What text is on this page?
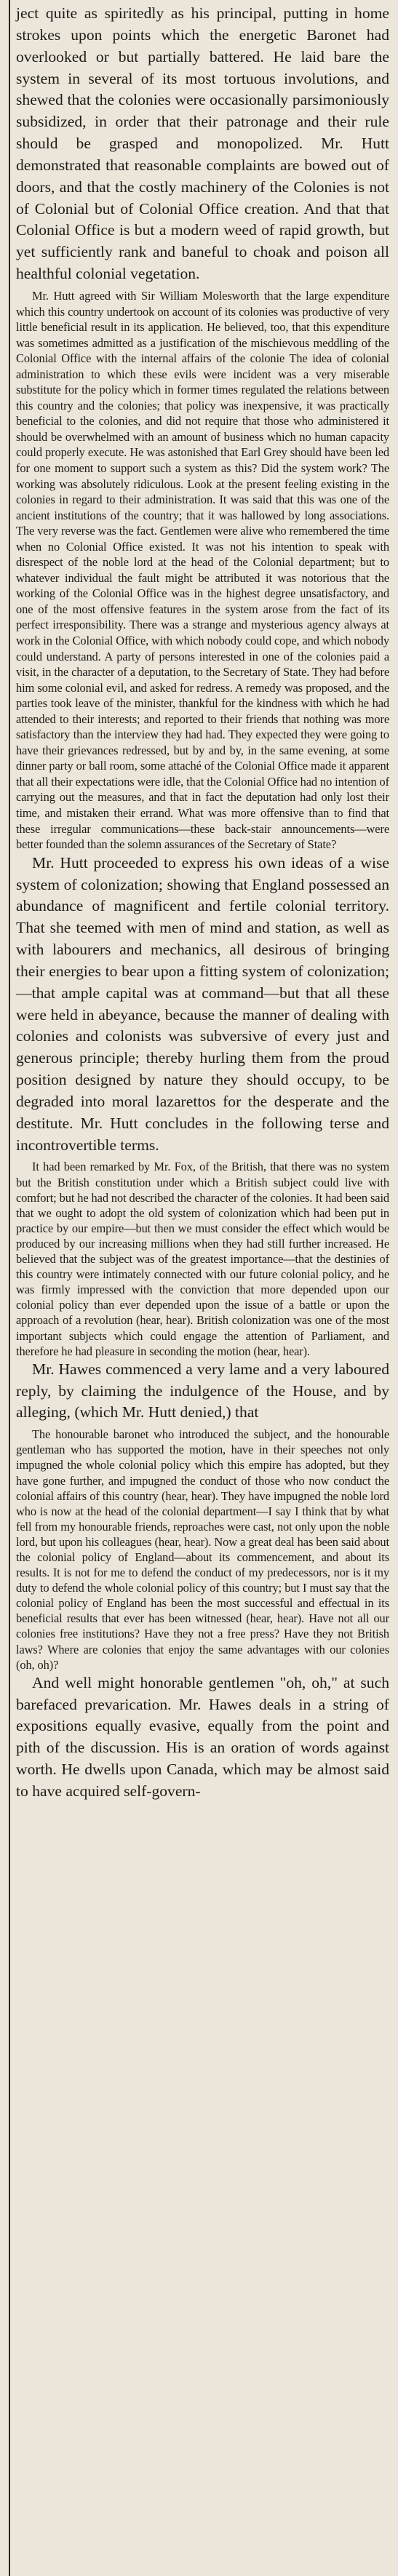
ject quite as spiritedly as his principal, putting in home strokes upon points which the energetic Baronet had overlooked or but partially battered. He laid bare the system in several of its most tortuous involutions, and shewed that the colonies were occasionally parsimoniously subsidized, in order that their patronage and their rule should be grasped and monopolized. Mr. Hutt demonstrated that reasonable complaints are bowed out of doors, and that the costly machinery of the Colonies is not of Colonial but of Colonial Office creation. And that that Colonial Office is but a modern weed of rapid growth, but yet sufficiently rank and baneful to choak and poison all healthful colonial vegetation.

Mr. Hutt agreed with Sir William Molesworth that the large expenditure which this country undertook on account of its colonies was productive of very little beneficial result in its application. He believed, too, that this expenditure was sometimes admitted as a justification of the mischievous meddling of the Colonial Office with the internal affairs of the colonie The idea of colonial administration to which these evils were incident was a very miserable substitute for the policy which in former times regulated the relations between this country and the colonies; that policy was inexpensive, it was practically beneficial to the colonies, and did not require that those who administered it should be overwhelmed with an amount of business which no human capacity could properly execute. He was astonished that Earl Grey should have been led for one moment to support such a system as this? Did the system work? The working was absolutely ridiculous. Look at the present feeling existing in the colonies in regard to their administration. It was said that this was one of the ancient institutions of the country; that it was hallowed by long associations. The very reverse was the fact. Gentlemen were alive who remembered the time when no Colonial Office existed. It was not his intention to speak with disrespect of the noble lord at the head of the Colonial department; but to whatever individual the fault might be attributed it was notorious that the working of the Colonial Office was in the highest degree unsatisfactory, and one of the most offensive features in the system arose from the fact of its perfect irresponsibility. There was a strange and mysterious agency always at work in the Colonial Office, with which nobody could cope, and which nobody could understand. A party of persons interested in one of the colonies paid a visit, in the character of a deputation, to the Secretary of State. They had before him some colonial evil, and asked for redress. A remedy was proposed, and the parties took leave of the minister, thankful for the kindness with which he had attended to their interests; and reported to their friends that nothing was more satisfactory than the interview they had had. They expected they were going to have their grievances redressed, but by and by, in the same evening, at some dinner party or ball room, some attaché of the Colonial Office made it apparent that all their expectations were idle, that the Colonial Office had no intention of carrying out the measures, and that in fact the deputation had only lost their time, and mistaken their errand. What was more offensive than to find that these irregular communications—these back-stair announcements—were better founded than the solemn assurances of the Secretary of State?

Mr. Hutt proceeded to express his own ideas of a wise system of colonization; showing that England possessed an abundance of magnificent and fertile colonial territory. That she teemed with men of mind and station, as well as with labourers and mechanics, all desirous of bringing their energies to bear upon a fitting system of colonization;—that ample capital was at command—but that all these were held in abeyance, because the manner of dealing with colonies and colonists was subversive of every just and generous principle; thereby hurling them from the proud position designed by nature they should occupy, to be degraded into moral lazarettos for the desperate and the destitute. Mr. Hutt concludes in the following terse and incontrovertible terms.

It had been remarked by Mr. Fox, of the British, that there was no system but the British constitution under which a British subject could live with comfort; but he had not described the character of the colonies. It had been said that we ought to adopt the old system of colonization which had been put in practice by our empire—but then we must consider the effect which would be produced by our increasing millions when they had still further increased. He believed that the subject was of the greatest importance—that the destinies of this country were intimately connected with our future colonial policy, and he was firmly impressed with the conviction that more depended upon our colonial policy than ever depended upon the issue of a battle or upon the approach of a revolution (hear, hear). British colonization was one of the most important subjects which could engage the attention of Parliament, and therefore he had pleasure in seconding the motion (hear, hear).

Mr. Hawes commenced a very lame and a very laboured reply, by claiming the indulgence of the House, and by alleging, (which Mr. Hutt denied,) that

The honourable baronet who introduced the subject, and the honourable gentleman who has supported the motion, have in their speeches not only impugned the whole colonial policy which this empire has adopted, but they have gone further, and impugned the conduct of those who now conduct the colonial affairs of this country (hear, hear). They have impugned the noble lord who is now at the head of the colonial department—I say I think that by what fell from my honourable friends, reproaches were cast, not only upon the noble lord, but upon his colleagues (hear, hear). Now a great deal has been said about the colonial policy of England—about its commencement, and about its results. It is not for me to defend the conduct of my predecessors, nor is it my duty to defend the whole colonial policy of this country; but I must say that the colonial policy of England has been the most successful and effectual in its beneficial results that ever has been witnessed (hear, hear). Have not all our colonies free institutions? Have they not a free press? Have they not British laws? Where are colonies that enjoy the same advantages with our colonies (oh, oh)?

And well might honorable gentlemen "oh, oh," at such barefaced prevarication. Mr. Hawes deals in a string of expositions equally evasive, equally from the point and pith of the discussion. His is an oration of words against worth. He dwells upon Canada, which may be almost said to have acquired self-govern-
